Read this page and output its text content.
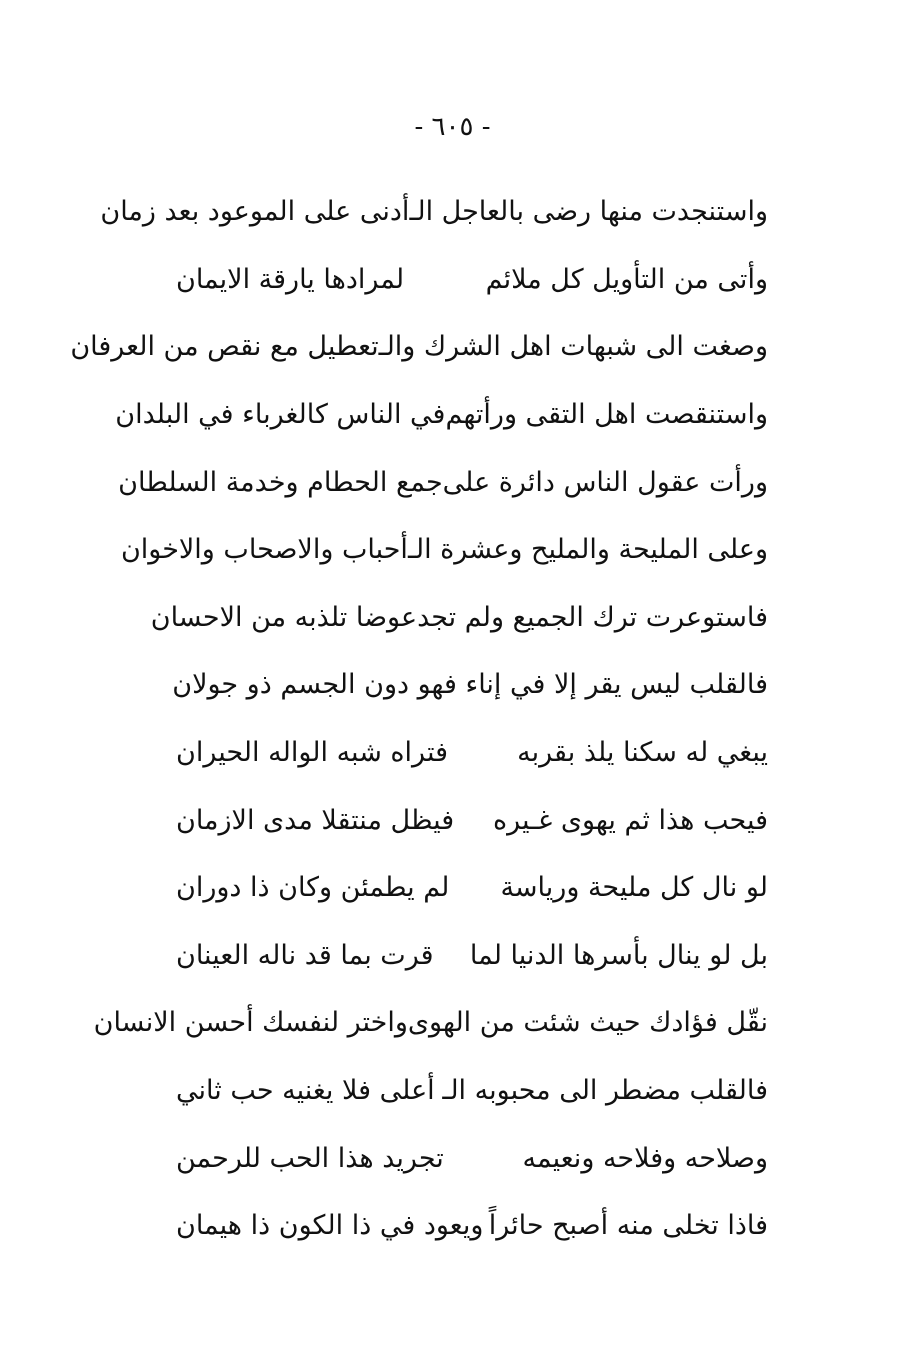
- ٦٠٥ -
واستنجدت منها رضى بالعاجل الـ
أدنى على الموعود بعد زمان
وأتى من التأويل كل ملائم
لمرادها يارقة الايمان
وصغت الى شبهات اهل الشرك والـ
تعطيل مع نقص من العرفان
واستنقصت اهل التقى ورأتهم
في الناس كالغرباء في البلدان
ورأت عقول الناس دائرة على
جمع الحطام وخدمة السلطان
وعلى المليحة والمليح وعشرة الـ
أحباب والاصحاب والاخوان
فاستوعرت ترك الجميع ولم تجد
عوضا تلذبه من الاحسان
فالقلب ليس يقر إلا في إنا
ء فهو دون الجسم ذو جولان
يبغي له سكنا يلذ بقربه
فتراه شبه الواله الحيران
فيحب هذا ثم يهوى غـيره
فيظل منتقلا مدى الازمان
لو نال كل مليحة ورياسة
لم يطمئن وكان ذا دوران
بل لو ينال بأسرها الدنيا لما
قرت بما قد ناله العينان
نقّل فؤادك حيث شئت من الهوى
واختر لنفسك أحسن الانسان
فالقلب مضطر الى محبوبه الـ
أعلى فلا يغنيه حب ثاني
وصلاحه وفلاحه ونعيمه
تجريد هذا الحب للرحمن
فاذا تخلى منه أصبح حائراً
ويعود في ذا الكون ذا هيمان
